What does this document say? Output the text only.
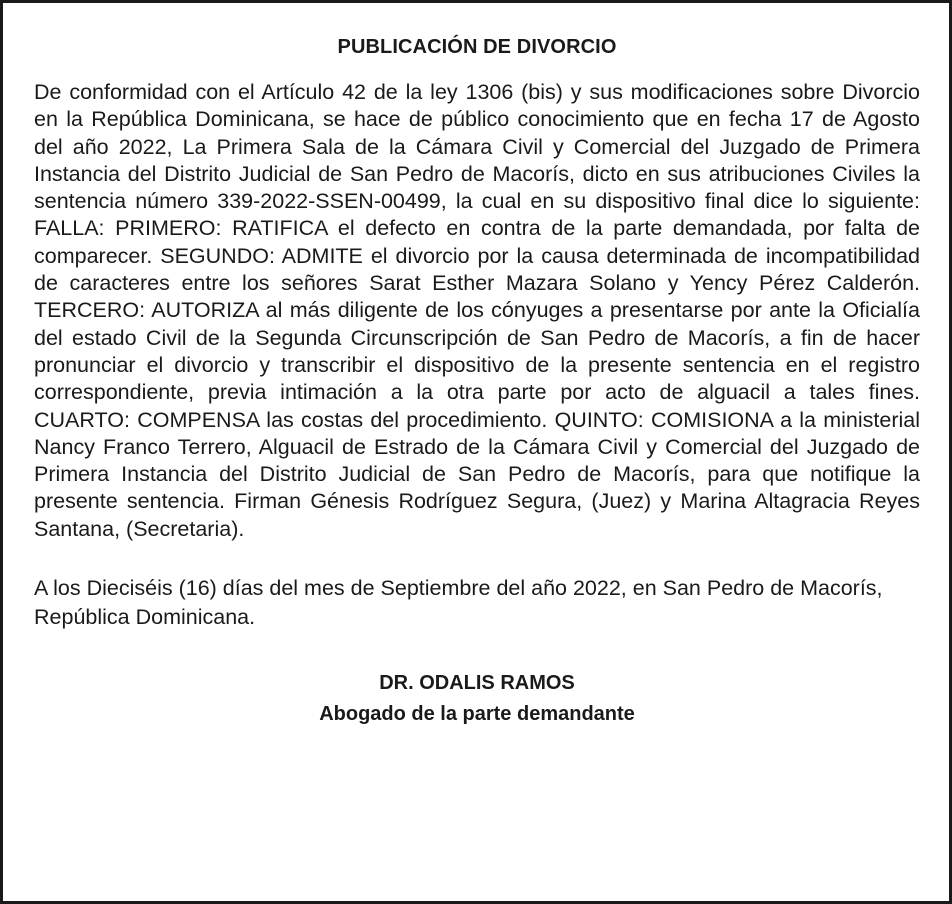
PUBLICACIÓN DE DIVORCIO

De conformidad con el Artículo 42 de la ley 1306 (bis) y sus modificaciones sobre Divorcio en la República Dominicana, se hace de público conocimiento que en fecha 17 de Agosto del año 2022, La Primera Sala de la Cámara Civil y Comercial del Juzgado de Primera Instancia del Distrito Judicial de San Pedro de Macorís, dicto en sus atribuciones Civiles la sentencia número 339-2022-SSEN-00499, la cual en su dispositivo final dice lo siguiente: FALLA: PRIMERO: RATIFICA el defecto en contra de la parte demandada, por falta de comparecer. SEGUNDO: ADMITE el divorcio por la causa determinada de incompatibilidad de caracteres entre los señores Sarat Esther Mazara Solano y Yency Pérez Calderón. TERCERO: AUTORIZA al más diligente de los cónyuges a presentarse por ante la Oficialía del estado Civil de la Segunda Circunscripción de San Pedro de Macorís, a fin de hacer pronunciar el divorcio y transcribir el dispositivo de la presente sentencia en el registro correspondiente, previa intimación a la otra parte por acto de alguacil a tales fines. CUARTO: COMPENSA las costas del procedimiento. QUINTO: COMISIONA a la ministerial Nancy Franco Terrero, Alguacil de Estrado de la Cámara Civil y Comercial del Juzgado de Primera Instancia del Distrito Judicial de San Pedro de Macorís, para que notifique la presente sentencia. Firman Génesis Rodríguez Segura, (Juez) y Marina Altagracia Reyes Santana, (Secretaria).

A los Dieciséis (16) días del mes de Septiembre del año 2022, en San Pedro de Macorís, República Dominicana.

DR. ODALIS RAMOS
Abogado de la parte demandante
